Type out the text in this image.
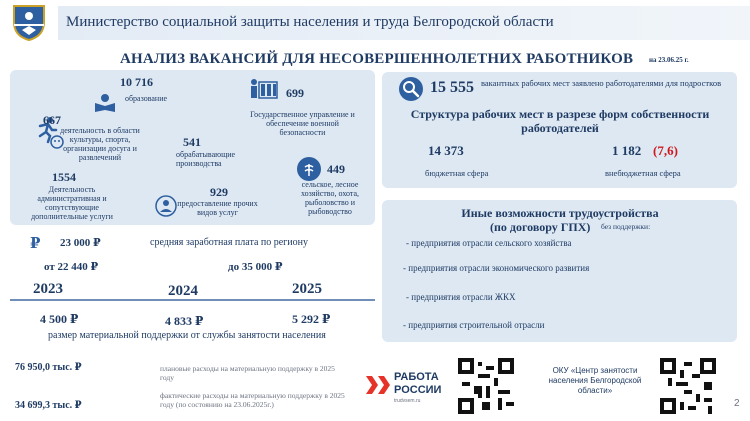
Министерство социальной защиты населения и труда Белгородской области
АНАЛИЗ ВАКАНСИЙ ДЛЯ НЕСОВЕРШЕННОЛЕТНИХ РАБОТНИКОВ на 23.06.25 г.
10 716
образование	699
Государственное управление и обеспечение военной безопасности
667
деятельность в области культуры, спорта, организации досуга и развлечений
541
обрабатывающие производства	449
сельское, лесное хозяйство, охота, рыболовство и рыбоводство
1554
Деятельность административная и сопутствующие дополнительные услуги
929
предоставление прочих видов услуг
₽ 23 000 ₽	средняя заработная плата по региону
от 22 440 ₽	до 35 000 ₽
2023	2024	2025
4 500 ₽	4 833 ₽	5 292 ₽
размер материальной поддержки от службы занятости населения
76 950,0 тыс. ₽	плановые расходы на материальную поддержку в 2025 году
34 699,3 тыс. ₽
фактические расходы на материальную поддержку в 2025 году (по состоянию на 23.06.2025г.)
15 555 вакантных рабочих мест заявлено работодателями для подростков
Структура рабочих мест в разрезе форм собственности работодателей
14 373
бюджетная сфера
1 182 (7,6)
внебюджетная сфера
Иные возможности трудоустройства
(по договору ГПХ) без поддержки:
- предприятия отрасли сельского хозяйства
- предприятия отрасли экономического развития
- предприятия отрасли ЖКХ
- предприятия строительной отрасли
РАБОТА
РОССИИ
trudvsem.ru
ОКУ «Центр занятости населения Белгородской области»
2
